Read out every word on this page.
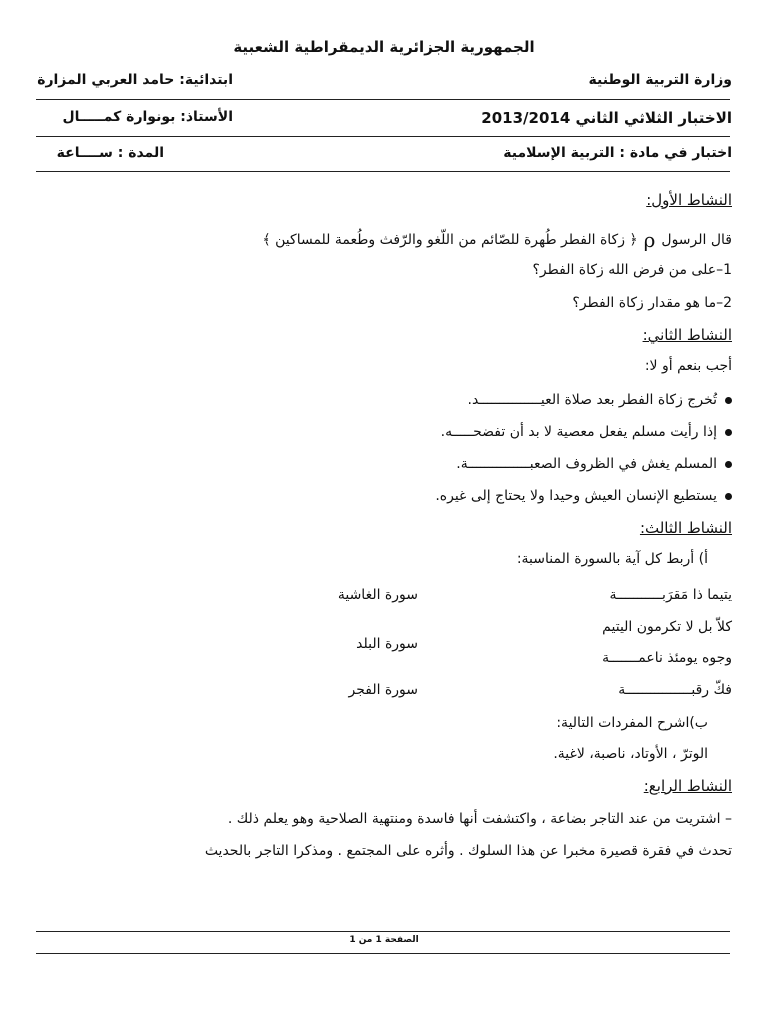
الجمهورية الجزائرية الديمقراطية الشعبية
وزارة التربية الوطنية
ابتدائية: حامد العربي المزارة
الاختبار الثلاثي الثاني 2013/2014
الأستاذ: بونوارة كمـــــال
اختبار في مادة : التربية الإسلامية
المدة : ســــاعة
النشاط الأول:
قال الرسول
ρ
﴿ زكاة الفطر طُهرة للصّائم من اللّغو والرّفث وطُعمة للمساكين ﴾
1–على من فرض الله زكاة الفطر؟
2–ما هو مقدار زكاة الفطر؟
النشاط الثاني:
أجب بنعم أو لا:
تُخرج زكاة الفطر بعد صلاة العيـــــــــــــــد.
إذا رأيت مسلم يفعل معصية لا بد أن تفضحـــــه.
المسلم يغش في الظروف الصعبـــــــــــــــة.
يستطيع الإنسان العيش وحيدا ولا يحتاج إلى غيره.
النشاط الثالث:
أ) أربط كل آية بالسورة المناسبة:
يتيما ذا مَقرَبـــــــــــة
كلاّ بل لا تكرمون اليتيم
وجوه يومئذ ناعمـــــــة
فكّ رقبــــــــــــــــة
سورة الغاشية
سورة البلد
سورة الفجر
ب)اشرح المفردات التالية:
الوترّ ، الأوتاد، ناصبة، لاغية.
النشاط الرابع:
– اشتريت من عند التاجر بضاعة ، واكتشفت أنها فاسدة ومنتهية الصلاحية وهو يعلم ذلك .
تحدث في فقرة قصيرة مخبرا عن هذا السلوك . وأثره على المجتمع . ومذكرا التاجر بالحديث
الصفحة 1 من 1
